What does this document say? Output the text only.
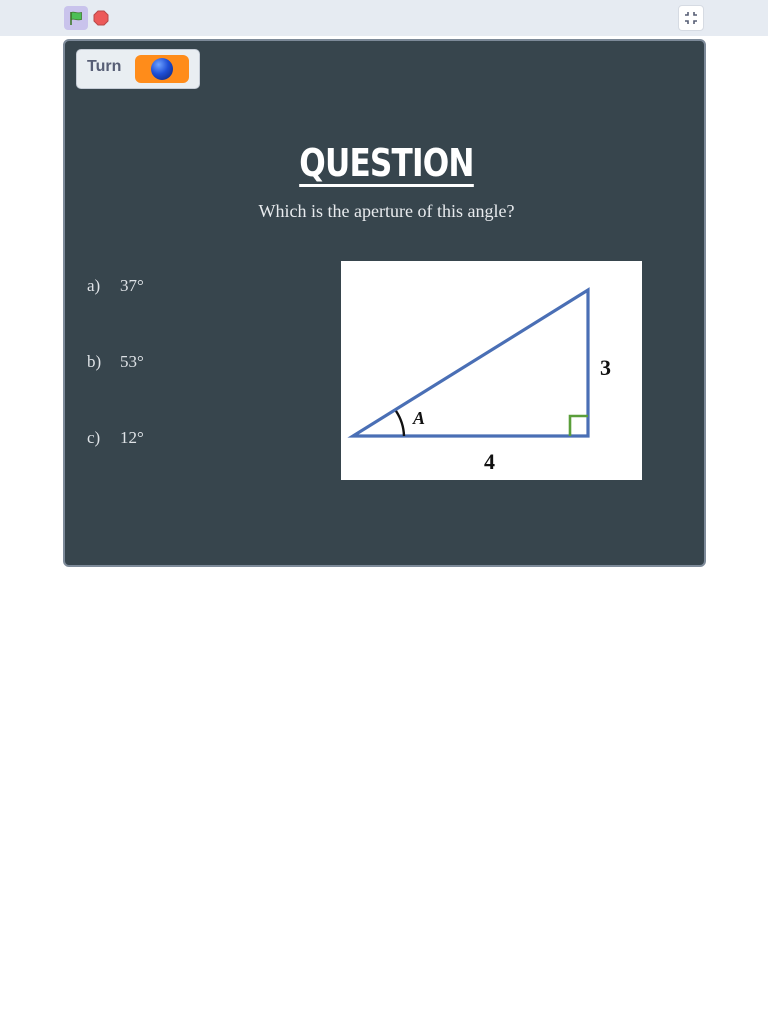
Turn
QUESTION
Which is the aperture of this angle?
a) 37°
b) 53°
c) 12°
A
3
4
